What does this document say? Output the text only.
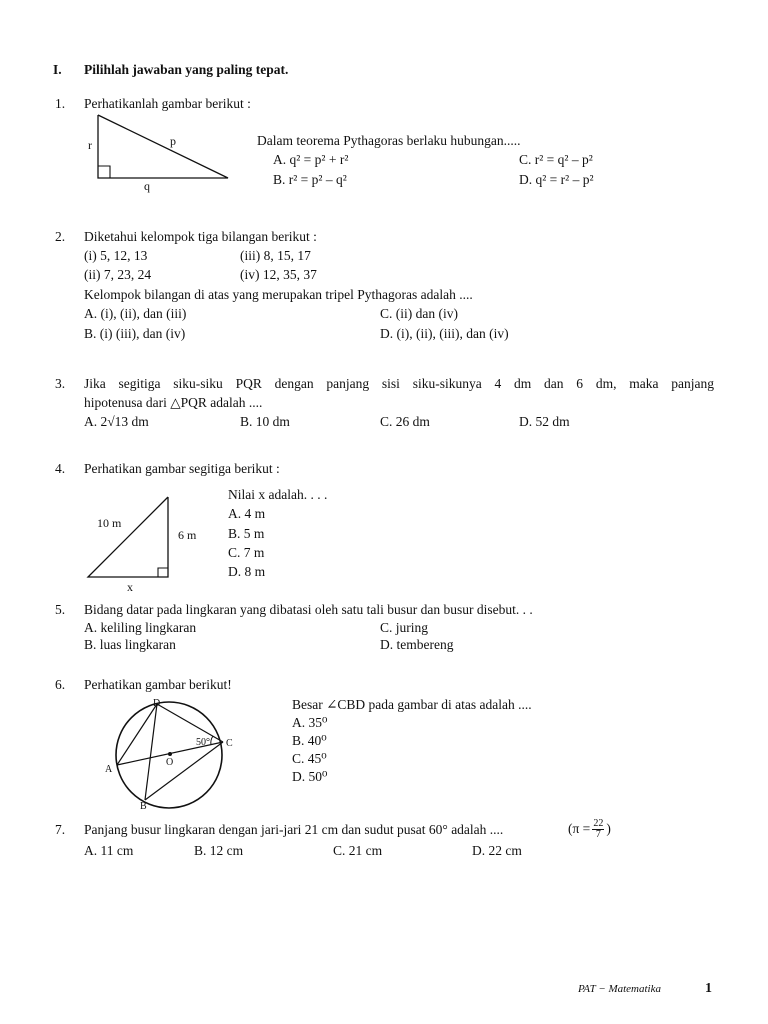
I. Pilihlah jawaban yang paling tepat.
1. Perhatikanlah gambar berikut :
r	p
q
Dalam teorema Pythagoras berlaku hubungan.....
A. q² = p² + r²	C. r² = q² – p²
B. r² = p² – q²	D. q² = r² – p²
2. Diketahui kelompok tiga bilangan berikut :
(i) 5, 12, 13	(iii) 8, 15, 17
(ii) 7, 23, 24	(iv) 12, 35, 37
Kelompok bilangan di atas yang merupakan tripel Pythagoras adalah ....
A. (i), (ii), dan (iii)	C. (ii) dan (iv)
B. (i) (iii), dan (iv)	D. (i), (ii), (iii), dan (iv)
3. Jika segitiga siku-siku PQR dengan panjang sisi siku-sikunya 4 dm dan 6 dm, maka panjang
hipotenusa dari △PQR adalah ....
A. 2√13 dm	B. 10 dm	C. 26 dm	D. 52 dm
4. Perhatikan gambar segitiga berikut :
10 m
6 m
x
Nilai x adalah. . . .
A. 4 m
B. 5 m
C. 7 m
D. 8 m
5. Bidang datar pada lingkaran yang dibatasi oleh satu tali busur dan busur disebut. . .
A. keliling lingkaran	C. juring
B. luas lingkaran	D. tembereng
6. Perhatikan gambar berikut!
D
C
A
B
O
50°
Besar ∠CBD pada gambar di atas adalah ....
A. 35⁰
B. 40⁰
C. 45⁰
D. 50⁰
7. Panjang busur lingkaran dengan jari-jari 21 cm dan sudut pusat 60° adalah ....	($\pi = \frac{22}{7}$ )
A. 11 cm	B. 12 cm	C. 21 cm	D. 22 cm
PAT − Matematika	1
